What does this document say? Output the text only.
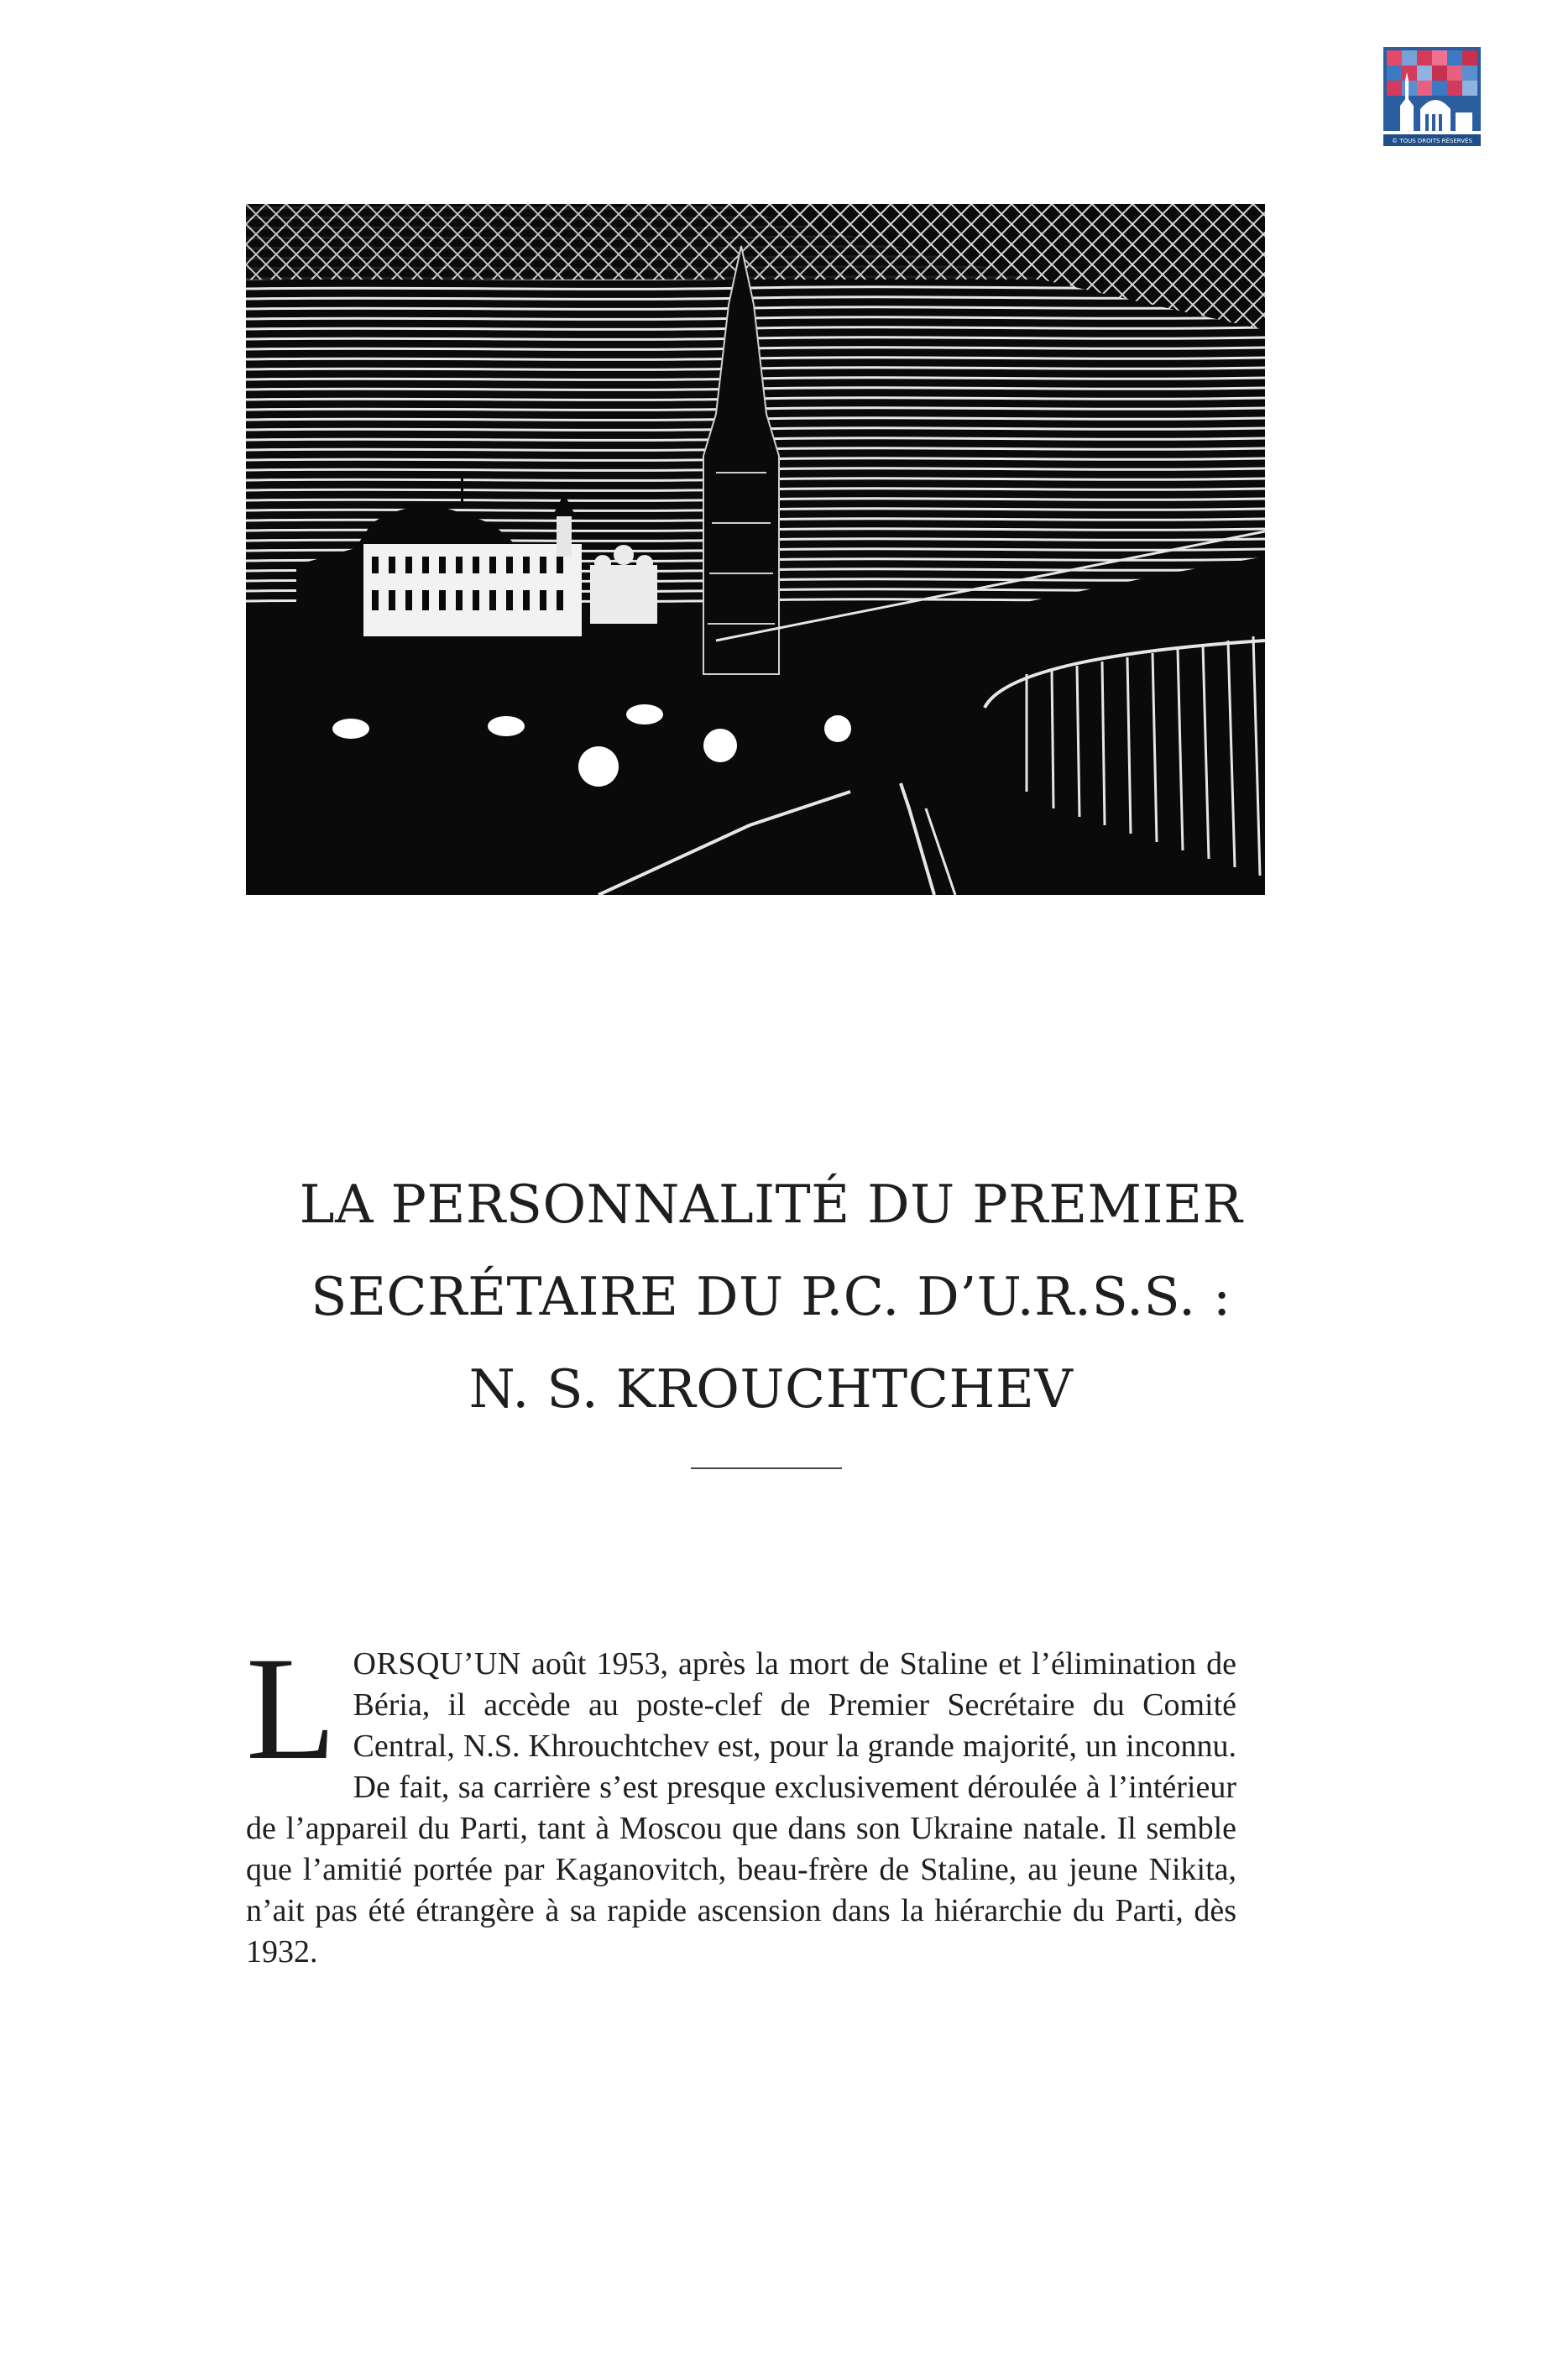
© TOUS DROITS RÉSERVÉS
LA PERSONNALITÉ DU PREMIER
SECRÉTAIRE DU P.C. D’U.R.S.S. :
N. S. KROUCHTCHEV

LORSQU’UN août 1953, après la mort de Staline et l’élimination de Béria, il accède au poste-clef de Premier Secrétaire du Comité Central, N.S. Khrouchtchev est, pour la grande majorité, un inconnu. De fait, sa carrière s’est presque exclusivement déroulée à l’intérieur de l’appareil du Parti, tant à Moscou que dans son Ukraine natale. Il semble que l’amitié portée par Kaganovitch, beau-frère de Staline, au jeune Nikita, n’ait pas été étrangère à sa rapide ascension dans la hiérarchie du Parti, dès 1932.
